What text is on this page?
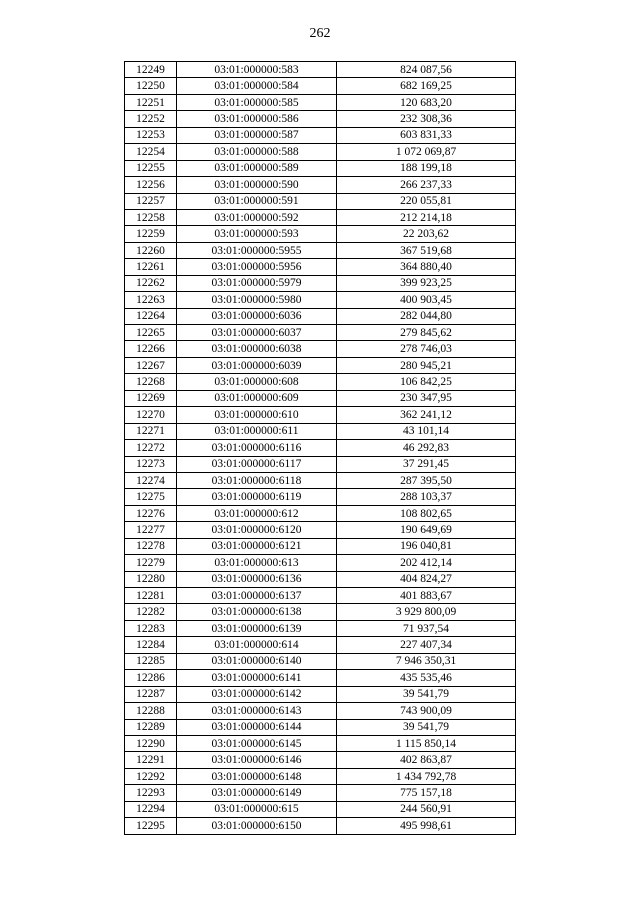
262
12249	03:01:000000:583	824 087,56
12250	03:01:000000:584	682 169,25
12251	03:01:000000:585	120 683,20
12252	03:01:000000:586	232 308,36
12253	03:01:000000:587	603 831,33
12254	03:01:000000:588	1 072 069,87
12255	03:01:000000:589	188 199,18
12256	03:01:000000:590	266 237,33
12257	03:01:000000:591	220 055,81
12258	03:01:000000:592	212 214,18
12259	03:01:000000:593	22 203,62
12260	03:01:000000:5955	367 519,68
12261	03:01:000000:5956	364 880,40
12262	03:01:000000:5979	399 923,25
12263	03:01:000000:5980	400 903,45
12264	03:01:000000:6036	282 044,80
12265	03:01:000000:6037	279 845,62
12266	03:01:000000:6038	278 746,03
12267	03:01:000000:6039	280 945,21
12268	03:01:000000:608	106 842,25
12269	03:01:000000:609	230 347,95
12270	03:01:000000:610	362 241,12
12271	03:01:000000:611	43 101,14
12272	03:01:000000:6116	46 292,83
12273	03:01:000000:6117	37 291,45
12274	03:01:000000:6118	287 395,50
12275	03:01:000000:6119	288 103,37
12276	03:01:000000:612	108 802,65
12277	03:01:000000:6120	190 649,69
12278	03:01:000000:6121	196 040,81
12279	03:01:000000:613	202 412,14
12280	03:01:000000:6136	404 824,27
12281	03:01:000000:6137	401 883,67
12282	03:01:000000:6138	3 929 800,09
12283	03:01:000000:6139	71 937,54
12284	03:01:000000:614	227 407,34
12285	03:01:000000:6140	7 946 350,31
12286	03:01:000000:6141	435 535,46
12287	03:01:000000:6142	39 541,79
12288	03:01:000000:6143	743 900,09
12289	03:01:000000:6144	39 541,79
12290	03:01:000000:6145	1 115 850,14
12291	03:01:000000:6146	402 863,87
12292	03:01:000000:6148	1 434 792,78
12293	03:01:000000:6149	775 157,18
12294	03:01:000000:615	244 560,91
12295	03:01:000000:6150	495 998,61
